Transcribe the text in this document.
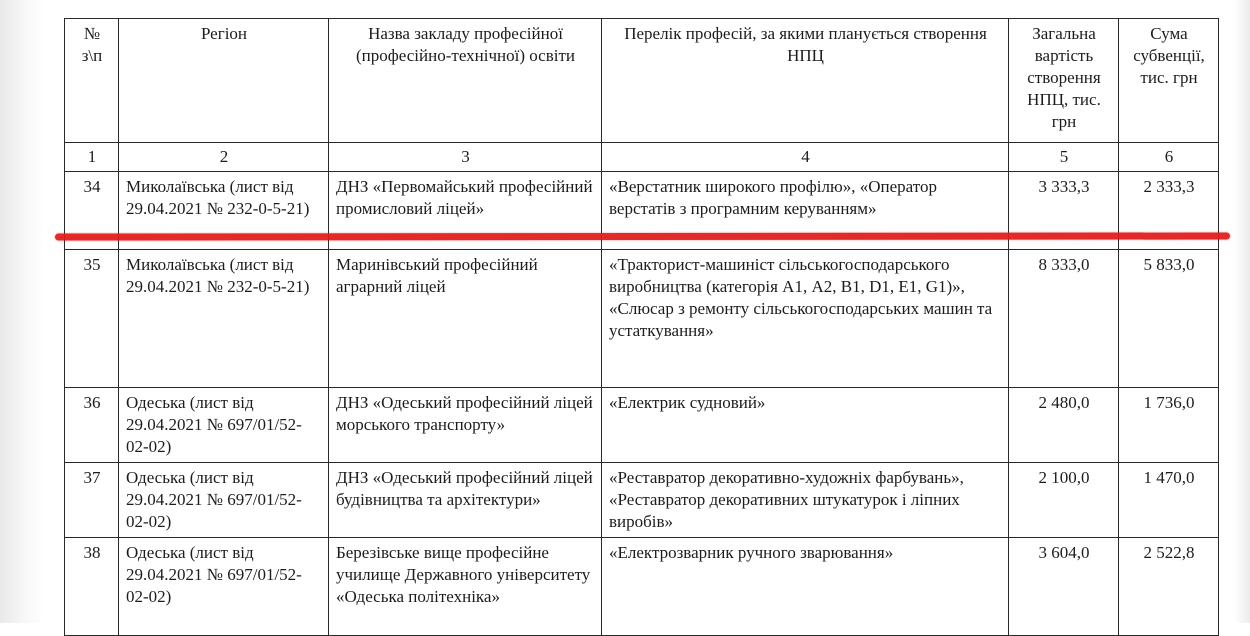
№ з\п	Регіон	Назва закладу професійної (професійно-технічної) освіти	Перелік професій, за якими планується створення НПЦ	Загальна вартість створення НПЦ, тис. грн	Сума субвенції, тис. грн
1	2	3	4	5	6
34	Миколаївська (лист від 29.04.2021 № 232-0-5-21)	ДНЗ «Первомайський професійний промисловий ліцей»	«Верстатник широкого профілю», «Оператор верстатів з програмним керуванням»	3 333,3	2 333,3
35	Миколаївська (лист від 29.04.2021 № 232-0-5-21)	Маринівський професійний аграрний ліцей	«Тракторист-машиніст сільськогосподарського виробництва (категорія А1, А2, В1, D1, Е1, G1)», «Слюсар з ремонту сільськогосподарських машин та устаткування»	8 333,0	5 833,0
36	Одеська (лист від 29.04.2021 № 697/01/52-02-02)	ДНЗ «Одеський професійний ліцей морського транспорту»	«Електрик судновий»	2 480,0	1 736,0
37	Одеська (лист від 29.04.2021 № 697/01/52-02-02)	ДНЗ «Одеський професійний ліцей будівництва та архітектури»	«Реставратор декоративно-художніх фарбувань», «Реставратор декоративних штукатурок і ліпних виробів»	2 100,0	1 470,0
38	Одеська (лист від 29.04.2021 № 697/01/52-02-02)	Березівське вище професійне училище Державного університету «Одеська політехніка»	«Електрозварник ручного зварювання»	3 604,0	2 522,8
